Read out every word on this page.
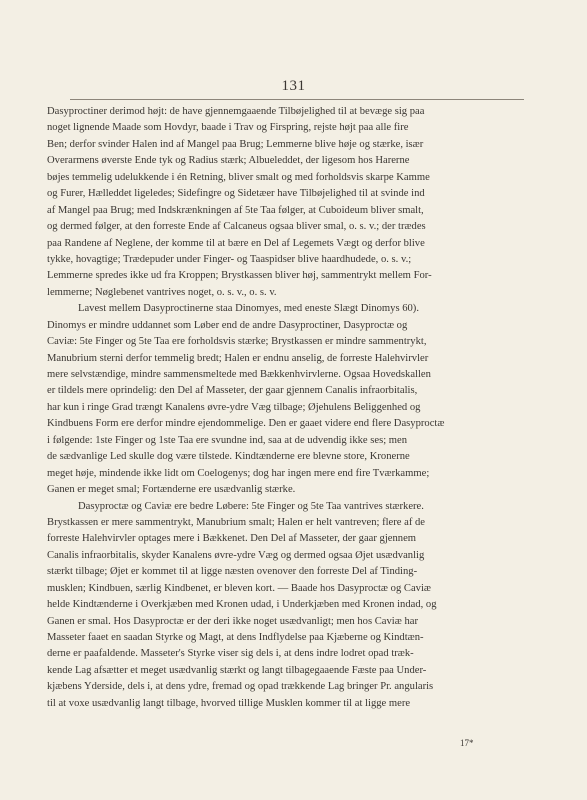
131
Dasyproctiner derimod højt: de have gjennemgaaende Tilbøjelighed til at bevæge sig paa
noget lignende Maade som Hovdyr, baade i Trav og Firspring, rejste højt paa alle fire
Ben; derfor svinder Halen ind af Mangel paa Brug; Lemmerne blive høje og stærke, især
Overarmens øverste Ende tyk og Radius stærk; Albueleddet, der ligesom hos Harerne
bøjes temmelig udelukkende i én Retning, bliver smalt og med forholdsvis skarpe Kamme
og Furer, Hælleddet ligeledes; Sidefingre og Sidetæer have Tilbøjelighed til at svinde ind
af Mangel paa Brug; med Indskrænkningen af 5te Taa følger, at Cuboideum bliver smalt,
og dermed følger, at den forreste Ende af Calcaneus ogsaa bliver smal, o. s. v.; der trædes
paa Randene af Neglene, der komme til at bære en Del af Legemets Vægt og derfor blive
tykke, hovagtige; Trædepuder under Finger- og Taaspidser blive haardhudede, o. s. v.;
Lemmerne spredes ikke ud fra Kroppen; Brystkassen bliver høj, sammentrykt mellem For-
lemmerne; Nøglebenet vantrives noget, o. s. v., o. s. v.
Lavest mellem Dasyproctinerne staa Dinomyes, med eneste Slægt Dinomys 60).
Dinomys er mindre uddannet som Løber end de andre Dasyproctiner, Dasyproctæ og
Caviæ: 5te Finger og 5te Taa ere forholdsvis stærke; Brystkassen er mindre sammentrykt,
Manubrium sterni derfor temmelig bredt; Halen er endnu anselig, de forreste Halehvirvler
mere selvstændige, mindre sammensmeltede med Bækkenhvirvlerne. Ogsaa Hovedskallen
er tildels mere oprindelig: den Del af Masseter, der gaar gjennem Canalis infraorbitalis,
har kun i ringe Grad trængt Kanalens øvre-ydre Væg tilbage; Øjehulens Beliggenhed og
Kindbuens Form ere derfor mindre ejendommelige. Den er gaaet videre end flere Dasyproctæ
i følgende: 1ste Finger og 1ste Taa ere svundne ind, saa at de udvendig ikke ses; men
de sædvanlige Led skulle dog være tilstede. Kindtænderne ere blevne store, Kronerne
meget høje, mindende ikke lidt om Coelogenys; dog har ingen mere end fire Tværkamme;
Ganen er meget smal; Fortænderne ere usædvanlig stærke.
Dasyproctæ og Caviæ ere bedre Løbere: 5te Finger og 5te Taa vantrives stærkere.
Brystkassen er mere sammentrykt, Manubrium smalt; Halen er helt vantreven; flere af de
forreste Halehvirvler optages mere i Bækkenet. Den Del af Masseter, der gaar gjennem
Canalis infraorbitalis, skyder Kanalens øvre-ydre Væg og dermed ogsaa Øjet usædvanlig
stærkt tilbage; Øjet er kommet til at ligge næsten ovenover den forreste Del af Tinding-
musklen; Kindbuen, særlig Kindbenet, er bleven kort. — Baade hos Dasyproctæ og Caviæ
helde Kindtænderne i Overkjæben med Kronen udad, i Underkjæben med Kronen indad, og
Ganen er smal. Hos Dasyproctæ er der deri ikke noget usædvanligt; men hos Caviæ har
Masseter faaet en saadan Styrke og Magt, at dens Indflydelse paa Kjæberne og Kindtæn-
derne er paafaldende. Masseter's Styrke viser sig dels i, at dens indre lodret opad træk-
kende Lag afsætter et meget usædvanlig stærkt og langt tilbagegaaende Fæste paa Under-
kjæbens Yderside, dels i, at dens ydre, fremad og opad trækkende Lag bringer Pr. angularis
til at voxe usædvanlig langt tilbage, hvorved tillige Musklen kommer til at ligge mere
17*
